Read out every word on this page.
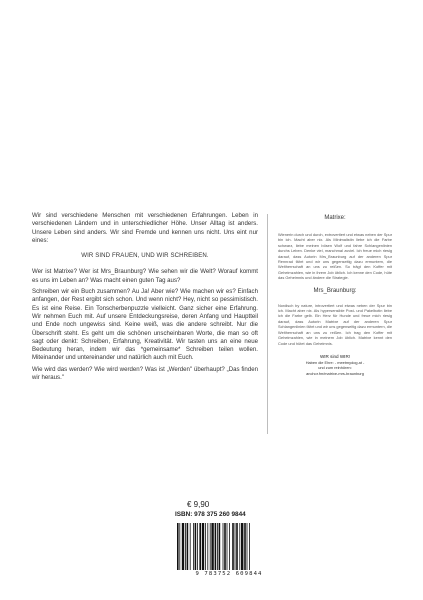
Wir sind verschiedene Menschen mit verschiedenen Erfahrungen. Leben in verschiedenen Ländern und in unterschiedlicher Höhe. Unser Alltag ist anders. Unsere Leben sind anders. Wir sind Fremde und kennen uns nicht. Uns eint nur eines:

WIR SIND FRAUEN, UND WIR SCHREIBEN.

Wer ist Matrixe? Wer ist Mrs_Braunburg? Wie sehen wir die Welt? Worauf kommt es uns im Leben an? Was macht einen guten Tag aus?

Schreiben wir ein Buch zusammen? Au Ja! Aber wie? Wie machen wir es? Einfach anfangen, der Rest ergibt sich schon. Und wenn nicht? Hey, nicht so pessimistisch. Es ist eine Reise. Ein Tonscherbenpuzzle vielleicht. Ganz sicher eine Erfahrung. Wir nehmen Euch mit. Auf unsere Entdeckungsreise, deren Anfang und Hauptteil und Ende noch ungewiss sind. Keine weiß, was die andere schreibt. Nur die Überschrift steht. Es geht um die schönen unscheinbaren Worte, die man so oft sagt oder denkt: Schreiben, Erfahrung, Kreativität. Wir tasten uns an eine neue Bedeutung heran, indem wir das *gemeinsame* Schreiben teilen wollen. Miteinander und untereinander und natürlich auch mit Euch.

Wie wird das werden? Wie wird werden? Was ist „Werden" überhaupt? „Das finden wir heraus."

Matrixe:

Wienerin durch und durch, extrovertiert und etwas neben der Spur bin ich. Macht aber nix. Als Minimalistin liebe ich die Farbe schwarz, liebe meinen bösen Wolf und fahre Schlangenlinien durchs Leben. Denke viel, manchmal zuviel. Ich freue mich riesig darauf, dass Autorin Mrs_Braunburg auf der anderen Spur Rennrad fährt und wir uns gegenseitig dazu ermuntern, die Weltherrschaft an uns zu reißen. So trägt den Koffer mit Geheimzahlen, wie in ihrem Job üblich. Ich kenne den Code, hüte das Geheimnis und ändere die Strategie.

Mrs_Braunburg:

Nordisch by nature, introvertiert und etwas neben der Spur bin ich. Macht aber nix. Als hypersensible Post- und Pakelbotin liebe ich die Farbe gelb. Ein Herz für Hunde und freue mich riesig darauf, dass Autorin Matrixe auf der anderen Spur Schlangenlinien fährt und wir uns gegenseitig dazu ermuntern, die Weltherrschaft an uns zu reißen. Ich trag den Koffer mit Geheimzahlen, wie in meinem Job üblich. Matrixe kennt den Code und hütet das Geheimnis.

WIR sind WIR!
Haben die Ehre: - meetmydog.at -
und zum reinhören:
anchor.fm/matrixe-mrs-braunburg
€ 9,90
ISBN: 978 375 260 9844
9 783752 609844
